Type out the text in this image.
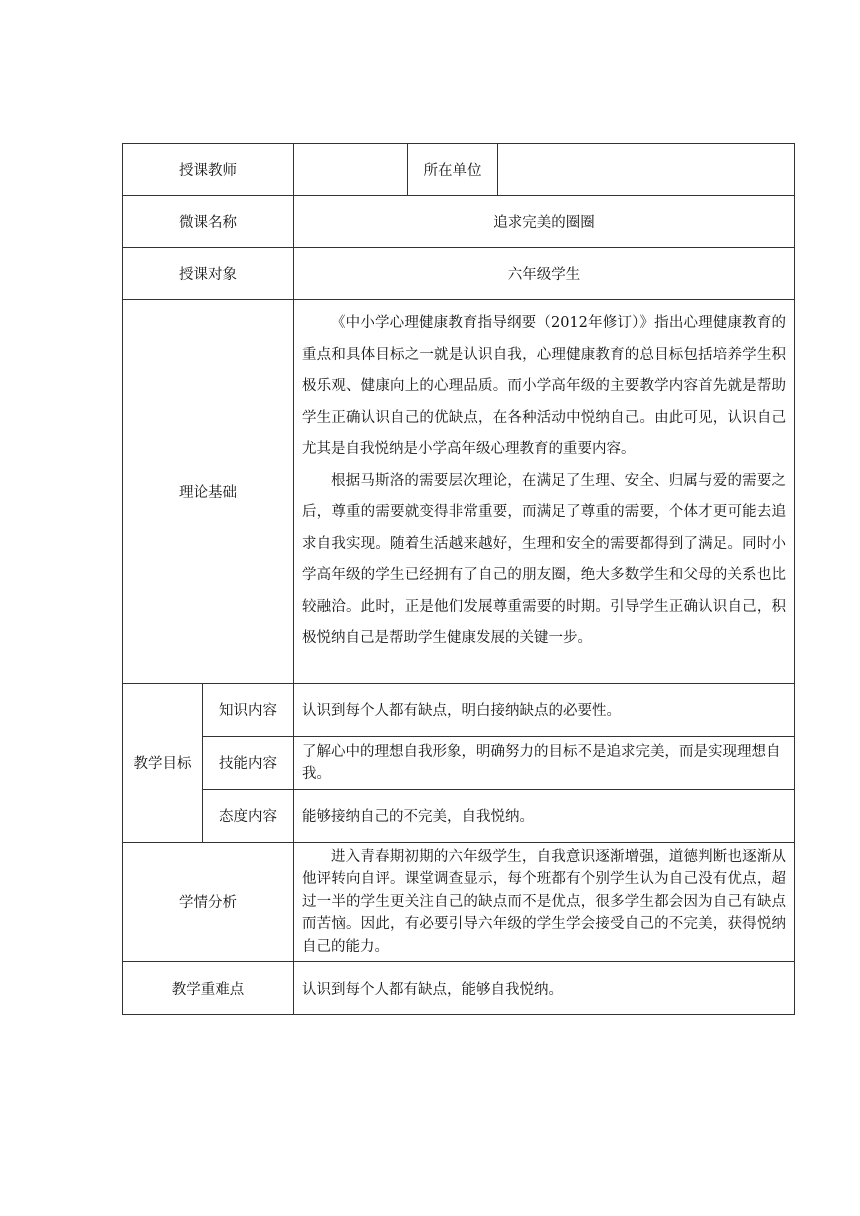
授课教师			所在单位	
微课名称		追求完美的圈圈		
授课对象		六年级学生		
理论基础		《中小学心理健康教育指导纲要（2012年修订）》指出心理健康教育的重点和具体目标之一就是认识自我，心理健康教育的总目标包括培养学生积极乐观、健康向上的心理品质。而小学高年级的主要教学内容首先就是帮助学生正确认识自己的优缺点，在各种活动中悦纳自己。由此可见，认识自己尤其是自我悦纳是小学高年级心理教育的重要内容。

根据马斯洛的需要层次理论，在满足了生理、安全、归属与爱的需要之后，尊重的需要就变得非常重要，而满足了尊重的需要，个体才更可能去追求自我实现。随着生活越来越好，生理和安全的需要都得到了满足。同时小学高年级的学生已经拥有了自己的朋友圈，绝大多数学生和父母的关系也比较融洽。此时，正是他们发展尊重需要的时期。引导学生正确认识自己，积极悦纳自己是帮助学生健康发展的关键一步。		

教学目标	知识内容	认识到每个人都有缺点，明白接纳缺点的必要性。		
	技能内容	了解心中的理想自我形象，明确努力的目标不是追求完美，而是实现理想自我。		
	态度内容	能够接纳自己的不完美，自我悦纳。		
学情分析		进入青春期初期的六年级学生，自我意识逐渐增强，道德判断也逐渐从他评转向自评。课堂调查显示，每个班都有个别学生认为自己没有优点，超过一半的学生更关注自己的缺点而不是优点，很多学生都会因为自己有缺点而苦恼。因此，有必要引导六年级的学生学会接受自己的不完美，获得悦纳自己的能力。		

教学重难点		认识到每个人都有缺点，能够自我悦纳。		
